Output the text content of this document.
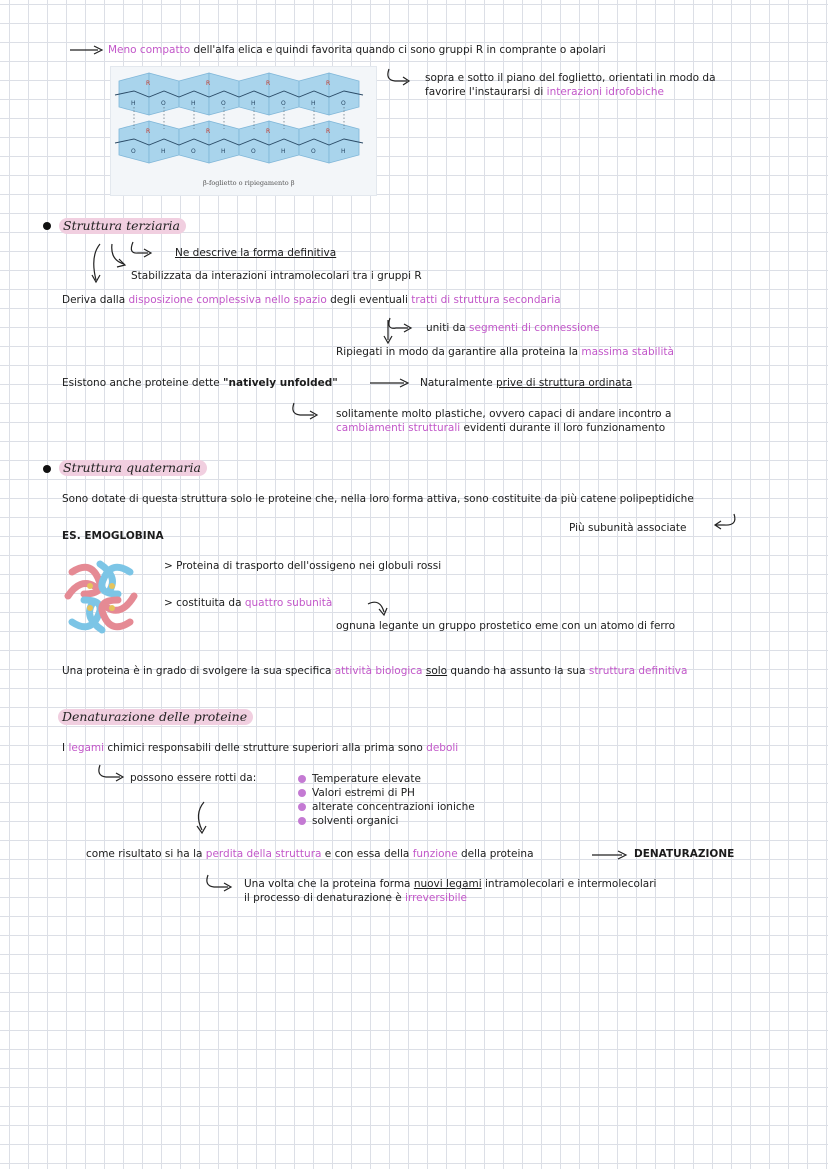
Meno compatto dell'alfa elica e quindi favorita quando ci sono gruppi R in comprante o apolari
R	R	R	R
R	R	R	R
H	O	H	O	H	O	H	O
O	H	O	H	O	H	O	H
β-foglietto o ripiegamento β
sopra e sotto il piano del foglietto, orientati in modo da
favorire l'instaurarsi di interazioni idrofobiche
Struttura terziaria
Ne descrive la forma definitiva
Stabilizzata da interazioni intramolecolari tra i gruppi R
Deriva dalla disposizione complessiva nello spazio degli eventuali tratti di struttura secondaria
uniti da segmenti di connessione
Ripiegati in modo da garantire alla proteina la massima stabilità
Esistono anche proteine dette "natively unfolded"	Naturalmente prive di struttura ordinata
solitamente molto plastiche, ovvero capaci di andare incontro a
cambiamenti strutturali evidenti durante il loro funzionamento
Struttura quaternaria
Sono dotate di questa struttura solo le proteine che, nella loro forma attiva, sono costituite da più catene polipeptidiche
Più subunità associate
ES. EMOGLOBINA
> Proteina di trasporto dell'ossigeno nei globuli rossi
> costituita da quattro subunità
ognuna legante un gruppo prostetico eme con un atomo di ferro
Una proteina è in grado di svolgere la sua specifica attività biologica solo quando ha assunto la sua struttura definitiva
Denaturazione delle proteine
I legami chimici responsabili delle strutture superiori alla prima sono deboli
possono essere rotti da:	Temperature elevate
Valori estremi di PH
alterate concentrazioni ioniche
solventi organici
come risultato si ha la perdita della struttura e con essa della funzione della proteina	DENATURAZIONE
Una volta che la proteina forma nuovi legami intramolecolari e intermolecolari
il processo di denaturazione è irreversibile
